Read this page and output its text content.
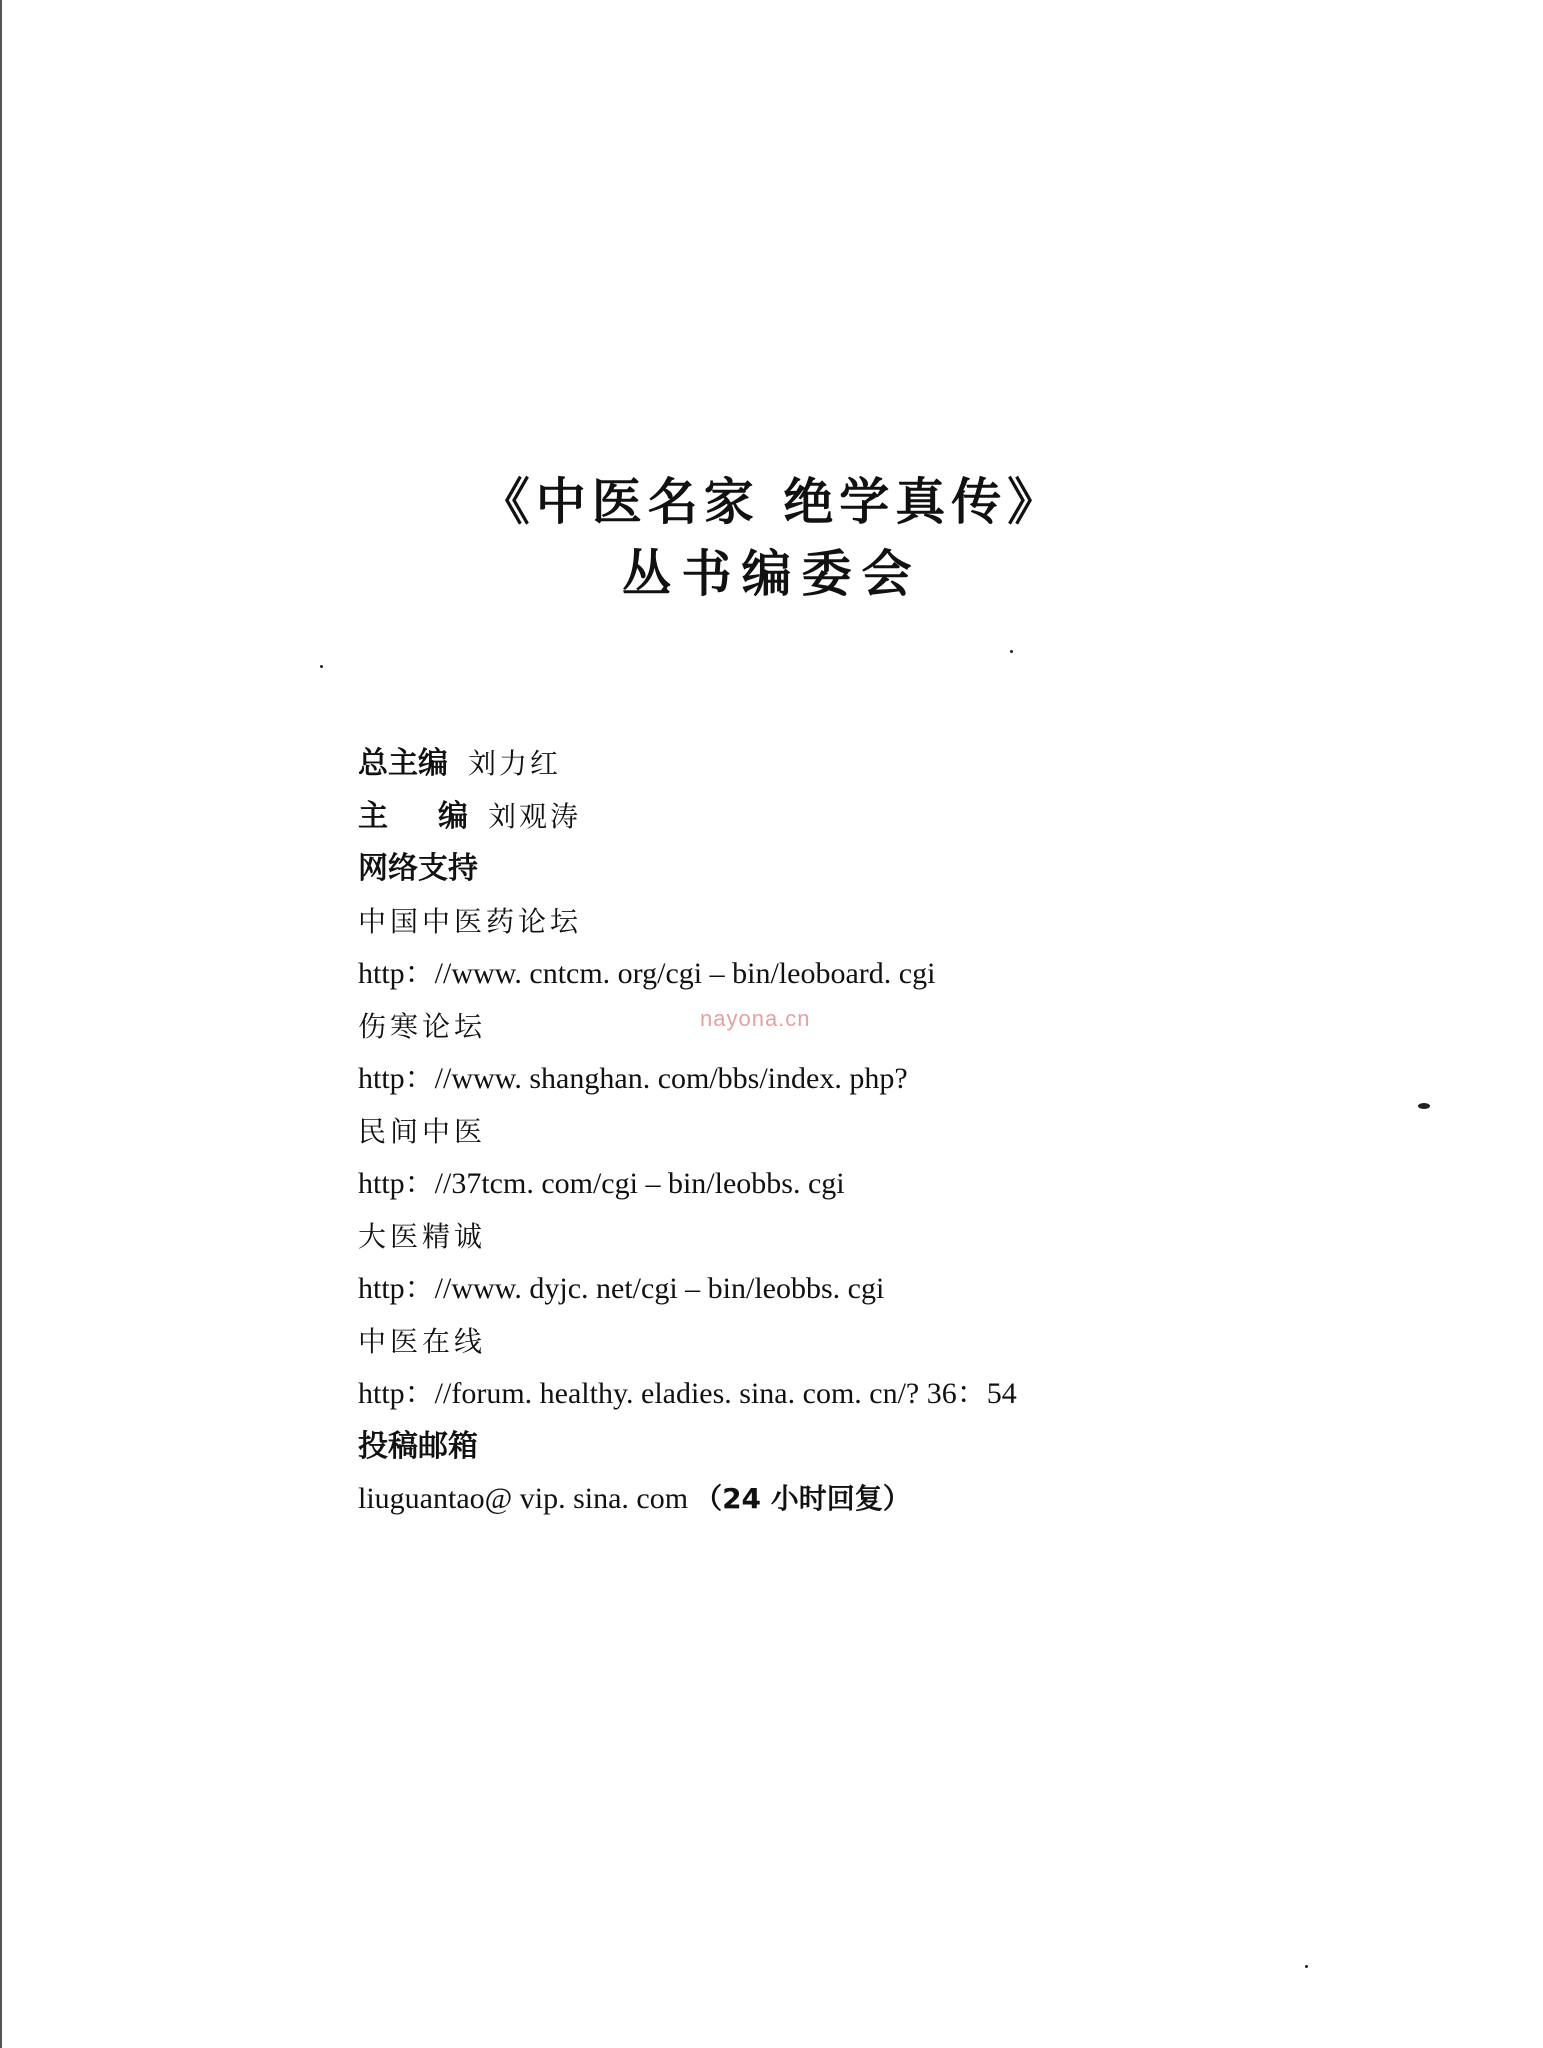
《中医名家 绝学真传》
丛书编委会
总主编 刘力红
主 编 刘观涛
网络支持
中国中医药论坛
http：//www. cntcm. org/cgi – bin/leoboard. cgi
伤寒论坛
http：//www. shanghan. com/bbs/index. php?
民间中医
http：//37tcm. com/cgi – bin/leobbs. cgi
大医精诚
http：//www. dyjc. net/cgi – bin/leobbs. cgi
中医在线
http：//forum. healthy. eladies. sina. com. cn/? 36：54
投稿邮箱
liuguantao@ vip. sina. com （24 小时回复）
nayona.cn
